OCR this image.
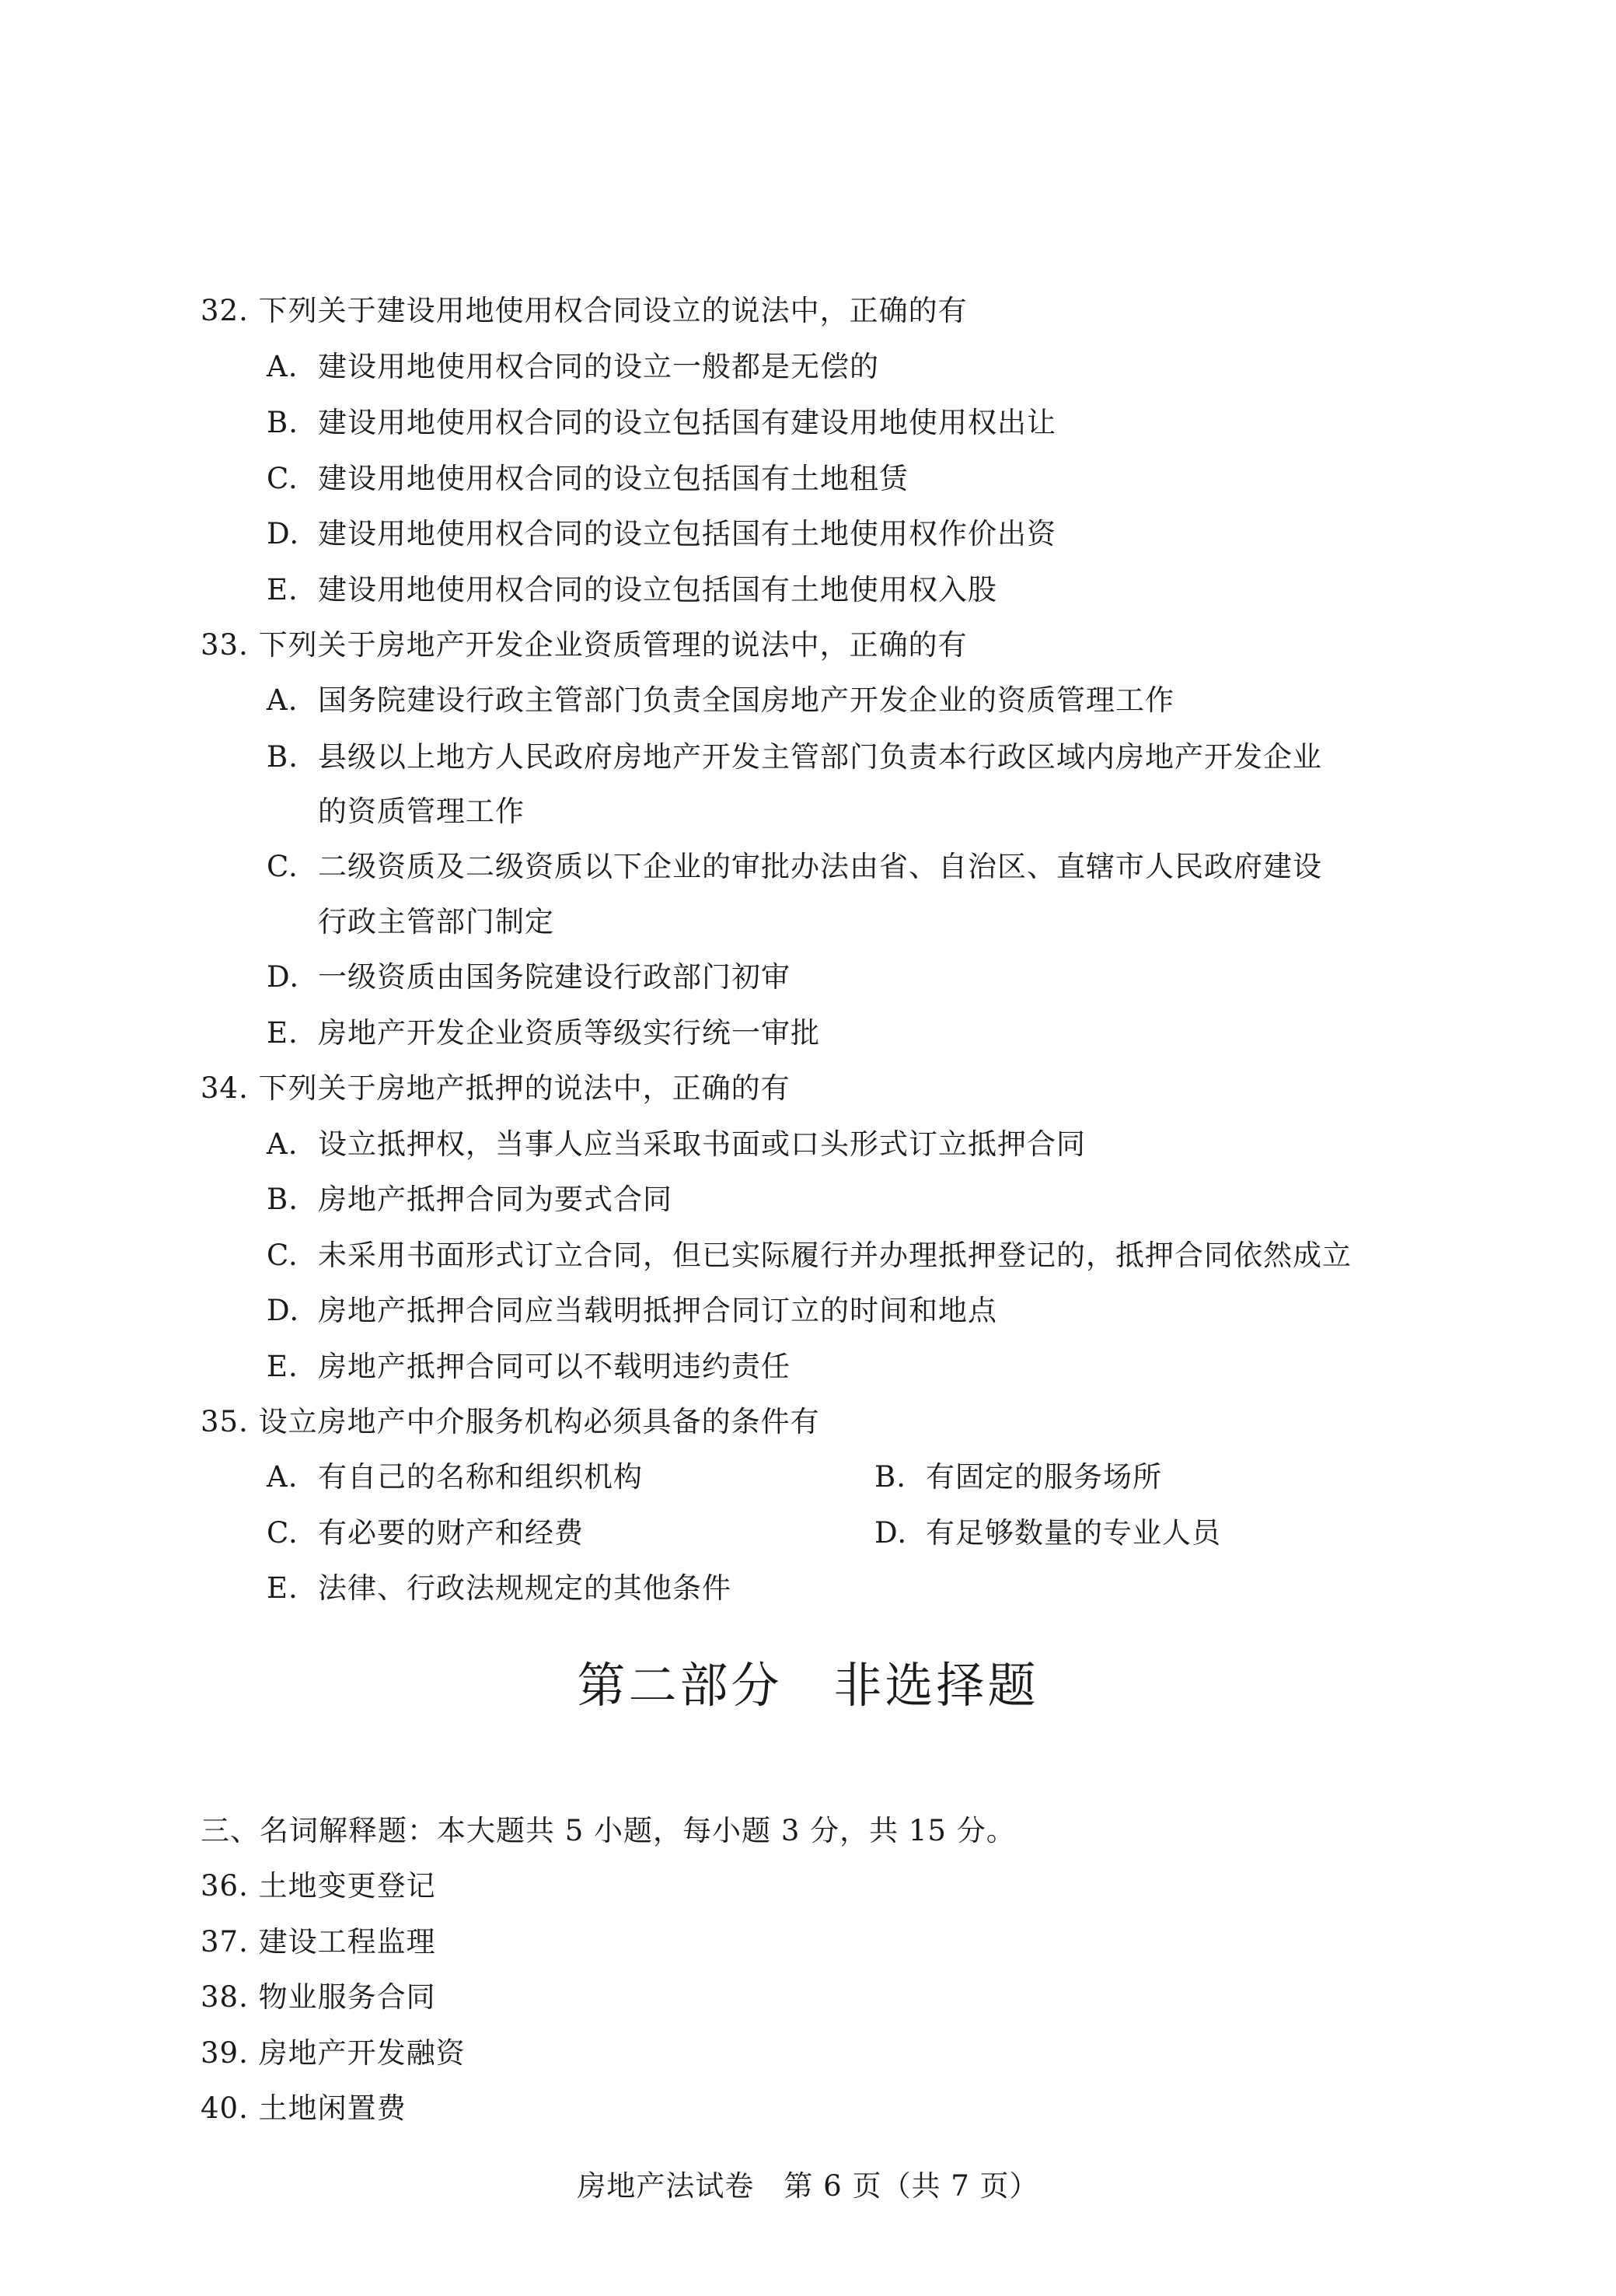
32. 下列关于建设用地使用权合同设立的说法中，正确的有
A. 建设用地使用权合同的设立一般都是无偿的
B. 建设用地使用权合同的设立包括国有建设用地使用权出让
C. 建设用地使用权合同的设立包括国有土地租赁
D. 建设用地使用权合同的设立包括国有土地使用权作价出资
E. 建设用地使用权合同的设立包括国有土地使用权入股
33. 下列关于房地产开发企业资质管理的说法中，正确的有
A. 国务院建设行政主管部门负责全国房地产开发企业的资质管理工作
B. 县级以上地方人民政府房地产开发主管部门负责本行政区域内房地产开发企业
的资质管理工作
C. 二级资质及二级资质以下企业的审批办法由省、自治区、直辖市人民政府建设
行政主管部门制定
D. 一级资质由国务院建设行政部门初审
E. 房地产开发企业资质等级实行统一审批
34. 下列关于房地产抵押的说法中，正确的有
A. 设立抵押权，当事人应当采取书面或口头形式订立抵押合同
B. 房地产抵押合同为要式合同
C. 未采用书面形式订立合同，但已实际履行并办理抵押登记的，抵押合同依然成立
D. 房地产抵押合同应当载明抵押合同订立的时间和地点
E. 房地产抵押合同可以不载明违约责任
35. 设立房地产中介服务机构必须具备的条件有
A. 有自己的名称和组织机构	B. 有固定的服务场所
C. 有必要的财产和经费	D. 有足够数量的专业人员
E. 法律、行政法规规定的其他条件
第二部分　非选择题
三、名词解释题：本大题共 5 小题，每小题 3 分，共 15 分。
36. 土地变更登记
37. 建设工程监理
38. 物业服务合同
39. 房地产开发融资
40. 土地闲置费
房地产法试卷　第 6 页（共 7 页）
